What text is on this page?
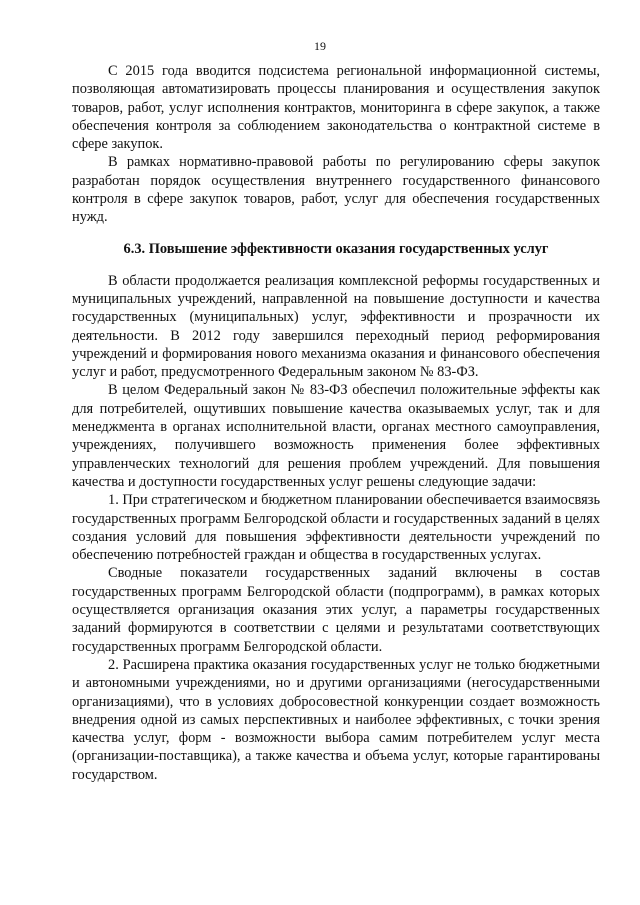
19

С 2015 года вводится подсистема региональной информационной системы, позволяющая автоматизировать процессы планирования и осуществления закупок товаров, работ, услуг исполнения контрактов, мониторинга в сфере закупок, а также обеспечения контроля за соблюдением законодательства о контрактной системе в сфере закупок.

В рамках нормативно-правовой работы по регулированию сферы закупок разработан порядок осуществления внутреннего государственного финансового контроля в сфере закупок товаров, работ, услуг для обеспечения государственных нужд.

6.3. Повышение эффективности оказания государственных услуг

В области продолжается реализация комплексной реформы государственных и муниципальных учреждений, направленной на повышение доступности и качества государственных (муниципальных) услуг, эффективности и прозрачности их деятельности. В 2012 году завершился переходный период реформирования учреждений и формирования нового механизма оказания и финансового обеспечения услуг и работ, предусмотренного Федеральным законом № 83-ФЗ.

В целом Федеральный закон № 83-ФЗ обеспечил положительные эффекты как для потребителей, ощутивших повышение качества оказываемых услуг, так и для менеджмента в органах исполнительной власти, органах местного самоуправления, учреждениях, получившего возможность применения более эффективных управленческих технологий для решения проблем учреждений. Для повышения качества и доступности государственных услуг решены следующие задачи:

1. При стратегическом и бюджетном планировании обеспечивается взаимосвязь государственных программ Белгородской области и государственных заданий в целях создания условий для повышения эффективности деятельности учреждений по обеспечению потребностей граждан и общества в государственных услугах.

Сводные показатели государственных заданий включены в состав государственных программ Белгородской области (подпрограмм), в рамках которых осуществляется организация оказания этих услуг, а параметры государственных заданий формируются в соответствии с целями и результатами соответствующих государственных программ Белгородской области.

2. Расширена практика оказания государственных услуг не только бюджетными и автономными учреждениями, но и другими организациями (негосударственными организациями), что в условиях добросовестной конкуренции создает возможность внедрения одной из самых перспективных и наиболее эффективных, с точки зрения качества услуг, форм - возможности выбора самим потребителем услуг места (организации-поставщика), а также качества и объема услуг, которые гарантированы государством.
